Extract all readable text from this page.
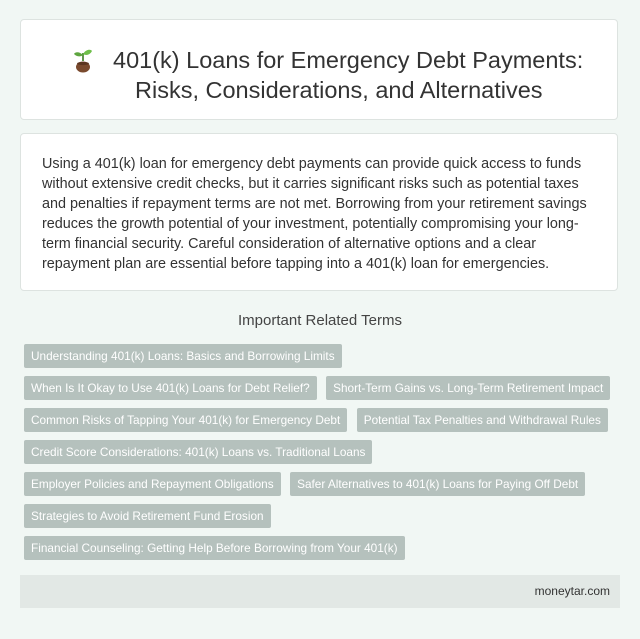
401(k) Loans for Emergency Debt Payments:
Risks, Considerations, and Alternatives

Using a 401(k) loan for emergency debt payments can provide quick access to funds without extensive credit checks, but it carries significant risks such as potential taxes and penalties if repayment terms are not met. Borrowing from your retirement savings reduces the growth potential of your investment, potentially compromising your long-term financial security. Careful consideration of alternative options and a clear repayment plan are essential before tapping into a 401(k) loan for emergencies.

Important Related Terms
Understanding 401(k) Loans: Basics and Borrowing Limits
When Is It Okay to Use 401(k) Loans for Debt Relief? Short-Term Gains vs. Long-Term Retirement Impact
Common Risks of Tapping Your 401(k) for Emergency Debt Potential Tax Penalties and Withdrawal Rules
Credit Score Considerations: 401(k) Loans vs. Traditional Loans
Employer Policies and Repayment Obligations Safer Alternatives to 401(k) Loans for Paying Off Debt
Strategies to Avoid Retirement Fund Erosion
Financial Counseling: Getting Help Before Borrowing from Your 401(k)
moneytar.com
